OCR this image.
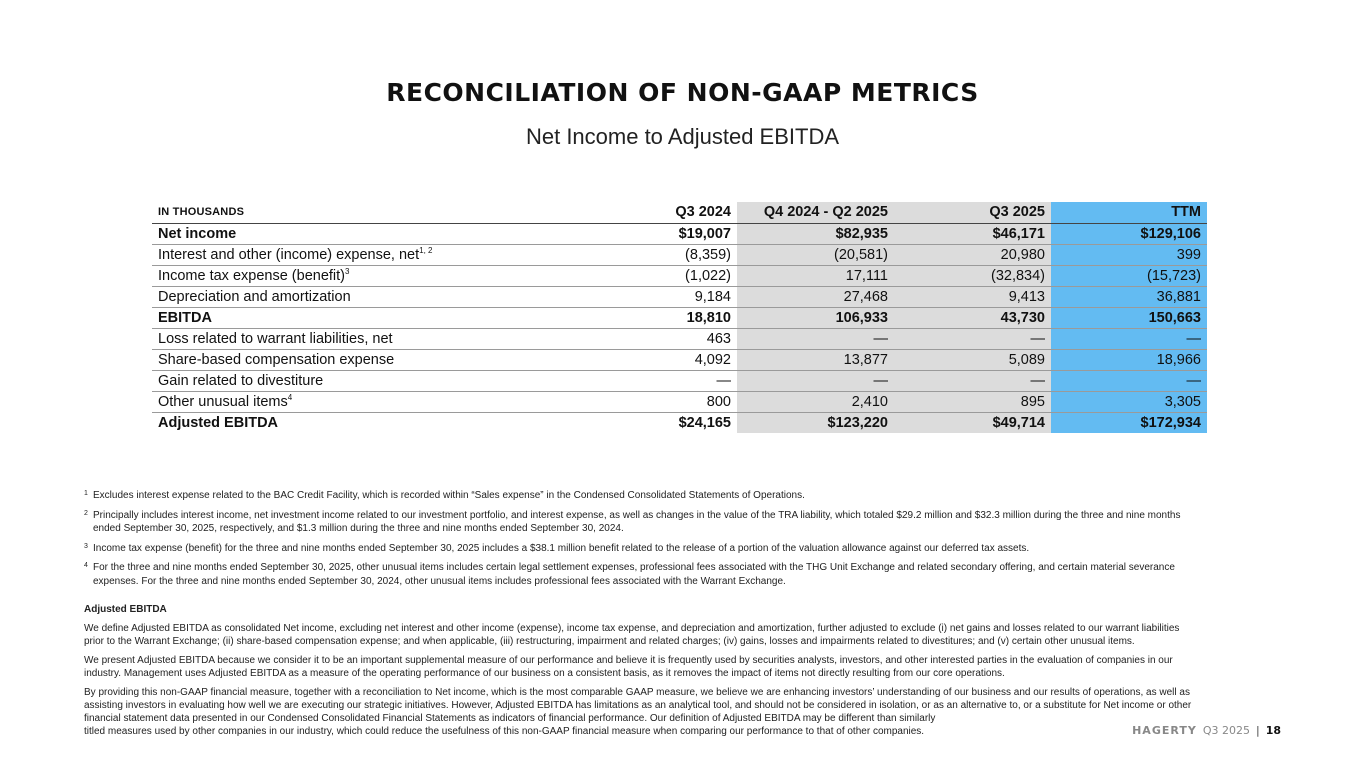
RECONCILIATION OF NON-GAAP METRICS
Net Income to Adjusted EBITDA
IN THOUSANDS	Q3 2024	Q4 2024 - Q2 2025	Q3 2025	TTM
Net income	$19,007	$82,935	$46,171	$129,106
Interest and other (income) expense, net$^{1, 2}$	(8,359)	(20,581)	20,980	399
Income tax expense (benefit)$^3$	(1,022)	17,111	(32,834)	(15,723)
Depreciation and amortization	9,184	27,468	9,413	36,881
EBITDA	18,810	106,933	43,730	150,663
Loss related to warrant liabilities, net	463	—	—	—
Share-based compensation expense	4,092	13,877	5,089	18,966
Gain related to divestiture	—	—	—	—
Other unusual items$^4$	800	2,410	895	3,305
Adjusted EBITDA	$24,165	$123,220	$49,714	$172,934
1 Excludes interest expense related to the BAC Credit Facility, which is recorded within “Sales expense” in the Condensed Consolidated Statements of Operations.
2 Principally includes interest income, net investment income related to our investment portfolio, and interest expense, as well as changes in the value of the TRA liability, which totaled $29.2 million and $32.3 million during the three and nine months
ended September 30, 2025, respectively, and $1.3 million during the three and nine months ended September 30, 2024.
3 Income tax expense (benefit) for the three and nine months ended September 30, 2025 includes a $38.1 million benefit related to the release of a portion of the valuation allowance against our deferred tax assets.
4 For the three and nine months ended September 30, 2025, other unusual items includes certain legal settlement expenses, professional fees associated with the THG Unit Exchange and related secondary offering, and certain material severance
expenses. For the three and nine months ended September 30, 2024, other unusual items includes professional fees associated with the Warrant Exchange.
Adjusted EBITDA

We define Adjusted EBITDA as consolidated Net income, excluding net interest and other income (expense), income tax expense, and depreciation and amortization, further adjusted to exclude (i) net gains and losses related to our warrant liabilities
prior to the Warrant Exchange; (ii) share-based compensation expense; and when applicable, (iii) restructuring, impairment and related charges; (iv) gains, losses and impairments related to divestitures; and (v) certain other unusual items.

We present Adjusted EBITDA because we consider it to be an important supplemental measure of our performance and believe it is frequently used by securities analysts, investors, and other interested parties in the evaluation of companies in our
industry. Management uses Adjusted EBITDA as a measure of the operating performance of our business on a consistent basis, as it removes the impact of items not directly resulting from our core operations.

By providing this non-GAAP financial measure, together with a reconciliation to Net income, which is the most comparable GAAP measure, we believe we are enhancing investors’ understanding of our business and our results of operations, as well as
assisting investors in evaluating how well we are executing our strategic initiatives. However, Adjusted EBITDA has limitations as an analytical tool, and should not be considered in isolation, or as an alternative to, or a substitute for Net income or other
financial statement data presented in our Condensed Consolidated Financial Statements as indicators of financial performance. Our definition of Adjusted EBITDA may be different than similarly
titled measures used by other companies in our industry, which could reduce the usefulness of this non-GAAP financial measure when comparing our performance to that of other companies.	HAGERTY Q3 2025 | 18
